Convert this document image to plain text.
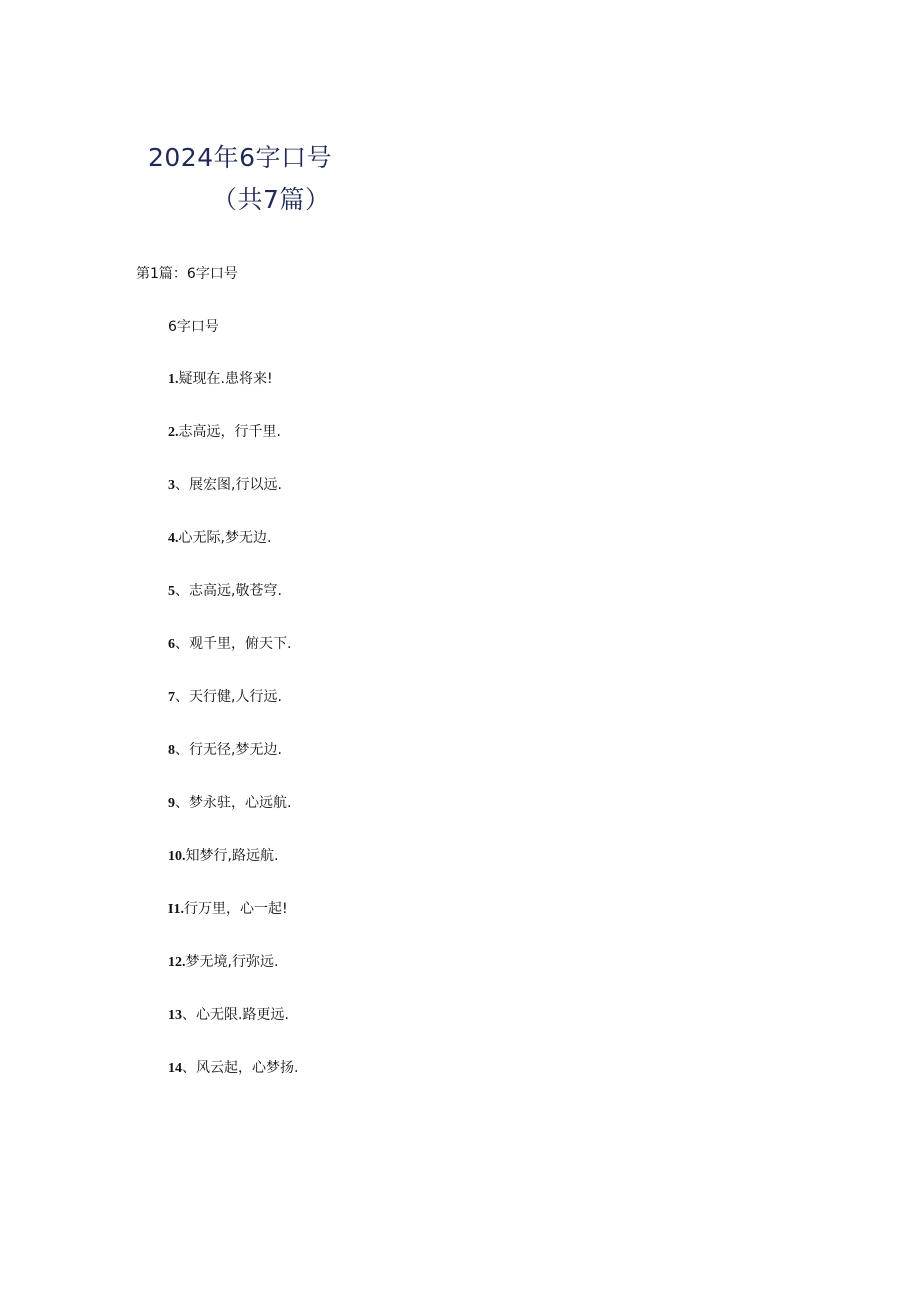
2024年6字口号
（共7篇）
第1篇：6字口号
6字口号
1.疑现在.患将来!
2.志高远，行千里.
3、展宏图,行以远.
4.心无际,梦无边.
5、志高远,敬苍穹.
6、观千里，俯天下.
7、天行健,人行远.
8、行无径,梦无边.
9、梦永驻，心远航.
10.知梦行,路远航.
I1.行万里，心一起!
12.梦无境,行弥远.
13、心无限.路更远.
14、风云起，心梦扬.
